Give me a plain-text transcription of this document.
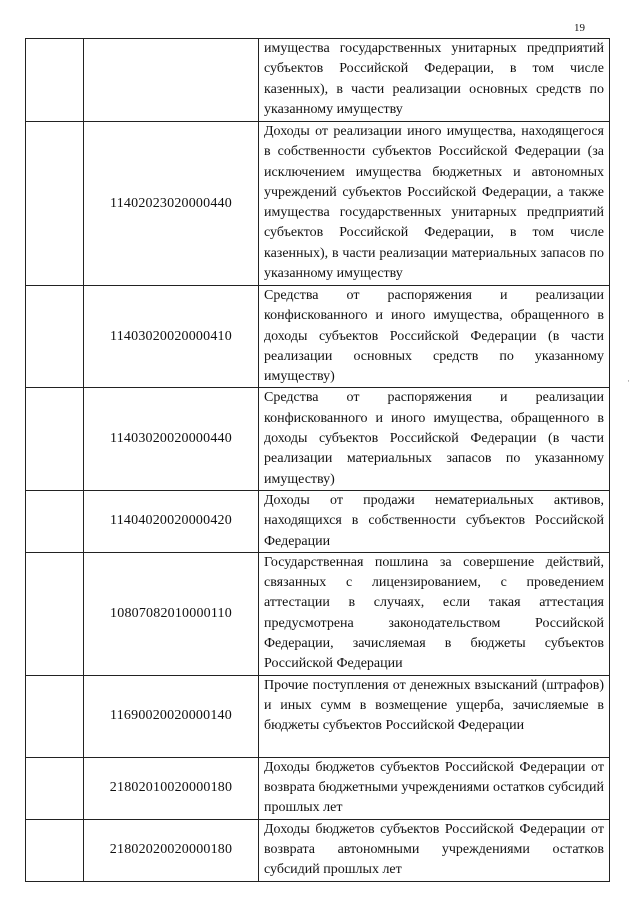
19
		имущества государственных унитарных предприятий субъектов Российской Федерации, в том числе казенных), в части реализации основных средств по указанному имуществу
	11402023020000440	Доходы от реализации иного имущества, находящегося в собственности субъектов Российской Федерации (за исключением имущества бюджетных и автономных учреждений субъектов Российской Федерации, а также имущества государственных унитарных предприятий субъектов Российской Федерации, в том числе казенных), в части реализации материальных запасов по указанному имуществу
	11403020020000410	Средства от распоряжения и реализации конфискованного и иного имущества, обращенного в доходы субъектов Российской Федерации (в части реализации основных средств по указанному имуществу)
	11403020020000440	Средства от распоряжения и реализации конфискованного и иного имущества, обращенного в доходы субъектов Российской Федерации (в части реализации материальных запасов по указанному имуществу)
	11404020020000420	Доходы от продажи нематериальных активов, находящихся в собственности субъектов Российской Федерации
	10807082010000110	Государственная пошлина за совершение действий, связанных с лицензированием, с проведением аттестации в случаях, если такая аттестация предусмотрена законодательством Российской Федерации, зачисляемая в бюджеты субъектов Российской Федерации
	11690020020000140	Прочие поступления от денежных взысканий (штрафов) и иных сумм в возмещение ущерба, зачисляемые в бюджеты субъектов Российской Федерации
	21802010020000180	Доходы бюджетов субъектов Российской Федерации от возврата бюджетными учреждениями остатков субсидий прошлых лет
	21802020020000180	Доходы бюджетов субъектов Российской Федерации от возврата автономными учреждениями остатков субсидий прошлых лет
·
